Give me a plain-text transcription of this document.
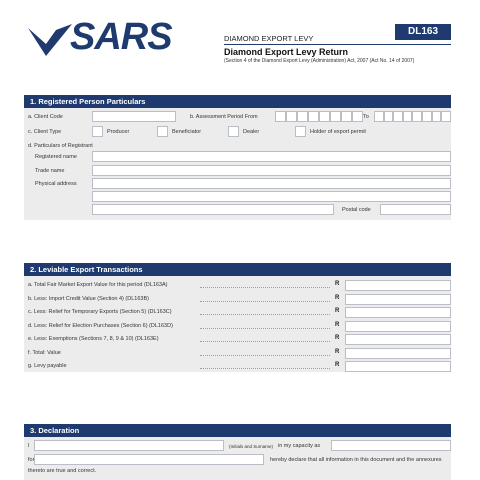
SARS	DIAMOND EXPORT LEVY
DL163
Diamond Export Levy Return
(Section 4 of the Diamond Export Levy (Administration) Act, 2007 (Act No. 14 of 2007)
1. Registered Person Particulars
a. Client Code	b. Assessment Period From	To
c. Client Type	Producer	Beneficiator	Dealer	Holder of export permit
d. Particulars of Registrant
Registered name
Trade name
Physical address
Postal code
2. Leviable Export Transactions
a. Total Fair Market Export Value for this period (DL163A)	R
b. Less: Import Credit Value (Section 4) (DL163B)	R
c. Less: Relief for Temporary Exports (Section 5) (DL163C)	R
d. Less: Relief for Election Purchases (Section 6) (DL163D)	R
e. Less: Exemptions (Sections 7, 8, 9 & 10) (DL163E)	R
f. Total: Value	R
g. Levy payable	R
3. Declaration
I	(Initials and Surname) in my capacity as
for	hereby declare that all information in this document and the annexures
thereto are true and correct.
